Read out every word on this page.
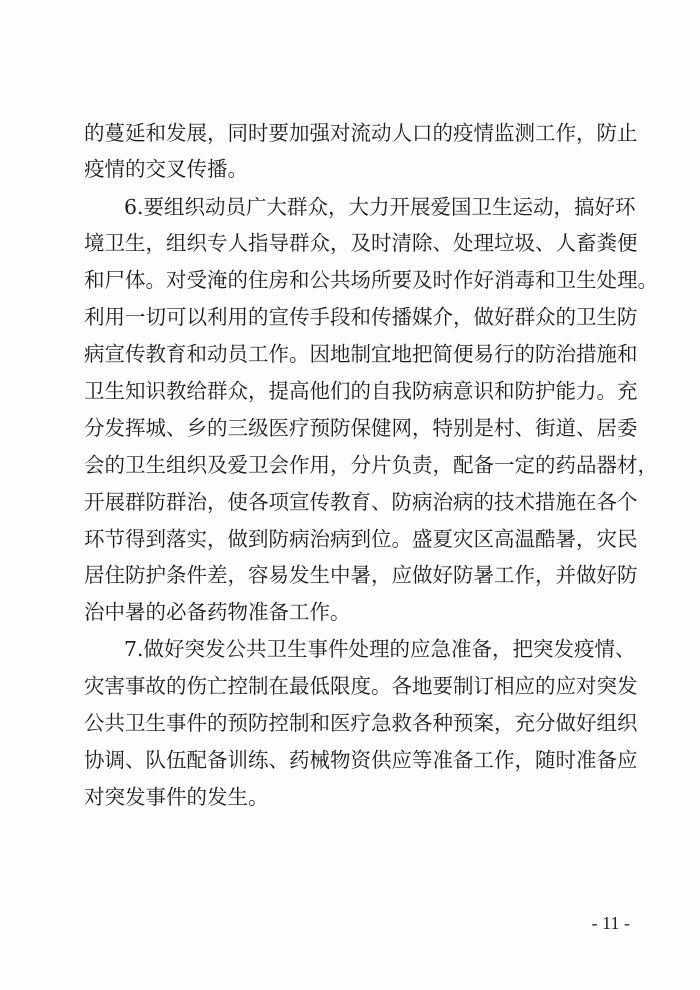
的蔓延和发展，同时要加强对流动人口的疫情监测工作，防止
疫情的交叉传播。
6.要组织动员广大群众，大力开展爱国卫生运动，搞好环
境卫生，组织专人指导群众，及时清除、处理垃圾、人畜粪便
和尸体。对受淹的住房和公共场所要及时作好消毒和卫生处理。
利用一切可以利用的宣传手段和传播媒介，做好群众的卫生防
病宣传教育和动员工作。因地制宜地把简便易行的防治措施和
卫生知识教给群众，提高他们的自我防病意识和防护能力。充
分发挥城、乡的三级医疗预防保健网，特别是村、街道、居委
会的卫生组织及爱卫会作用，分片负责，配备一定的药品器材，
开展群防群治，使各项宣传教育、防病治病的技术措施在各个
环节得到落实，做到防病治病到位。盛夏灾区高温酷暑，灾民
居住防护条件差，容易发生中暑，应做好防暑工作，并做好防
治中暑的必备药物准备工作。
7.做好突发公共卫生事件处理的应急准备，把突发疫情、
灾害事故的伤亡控制在最低限度。各地要制订相应的应对突发
公共卫生事件的预防控制和医疗急救各种预案，充分做好组织
协调、队伍配备训练、药械物资供应等准备工作，随时准备应
对突发事件的发生。
- 11 -
